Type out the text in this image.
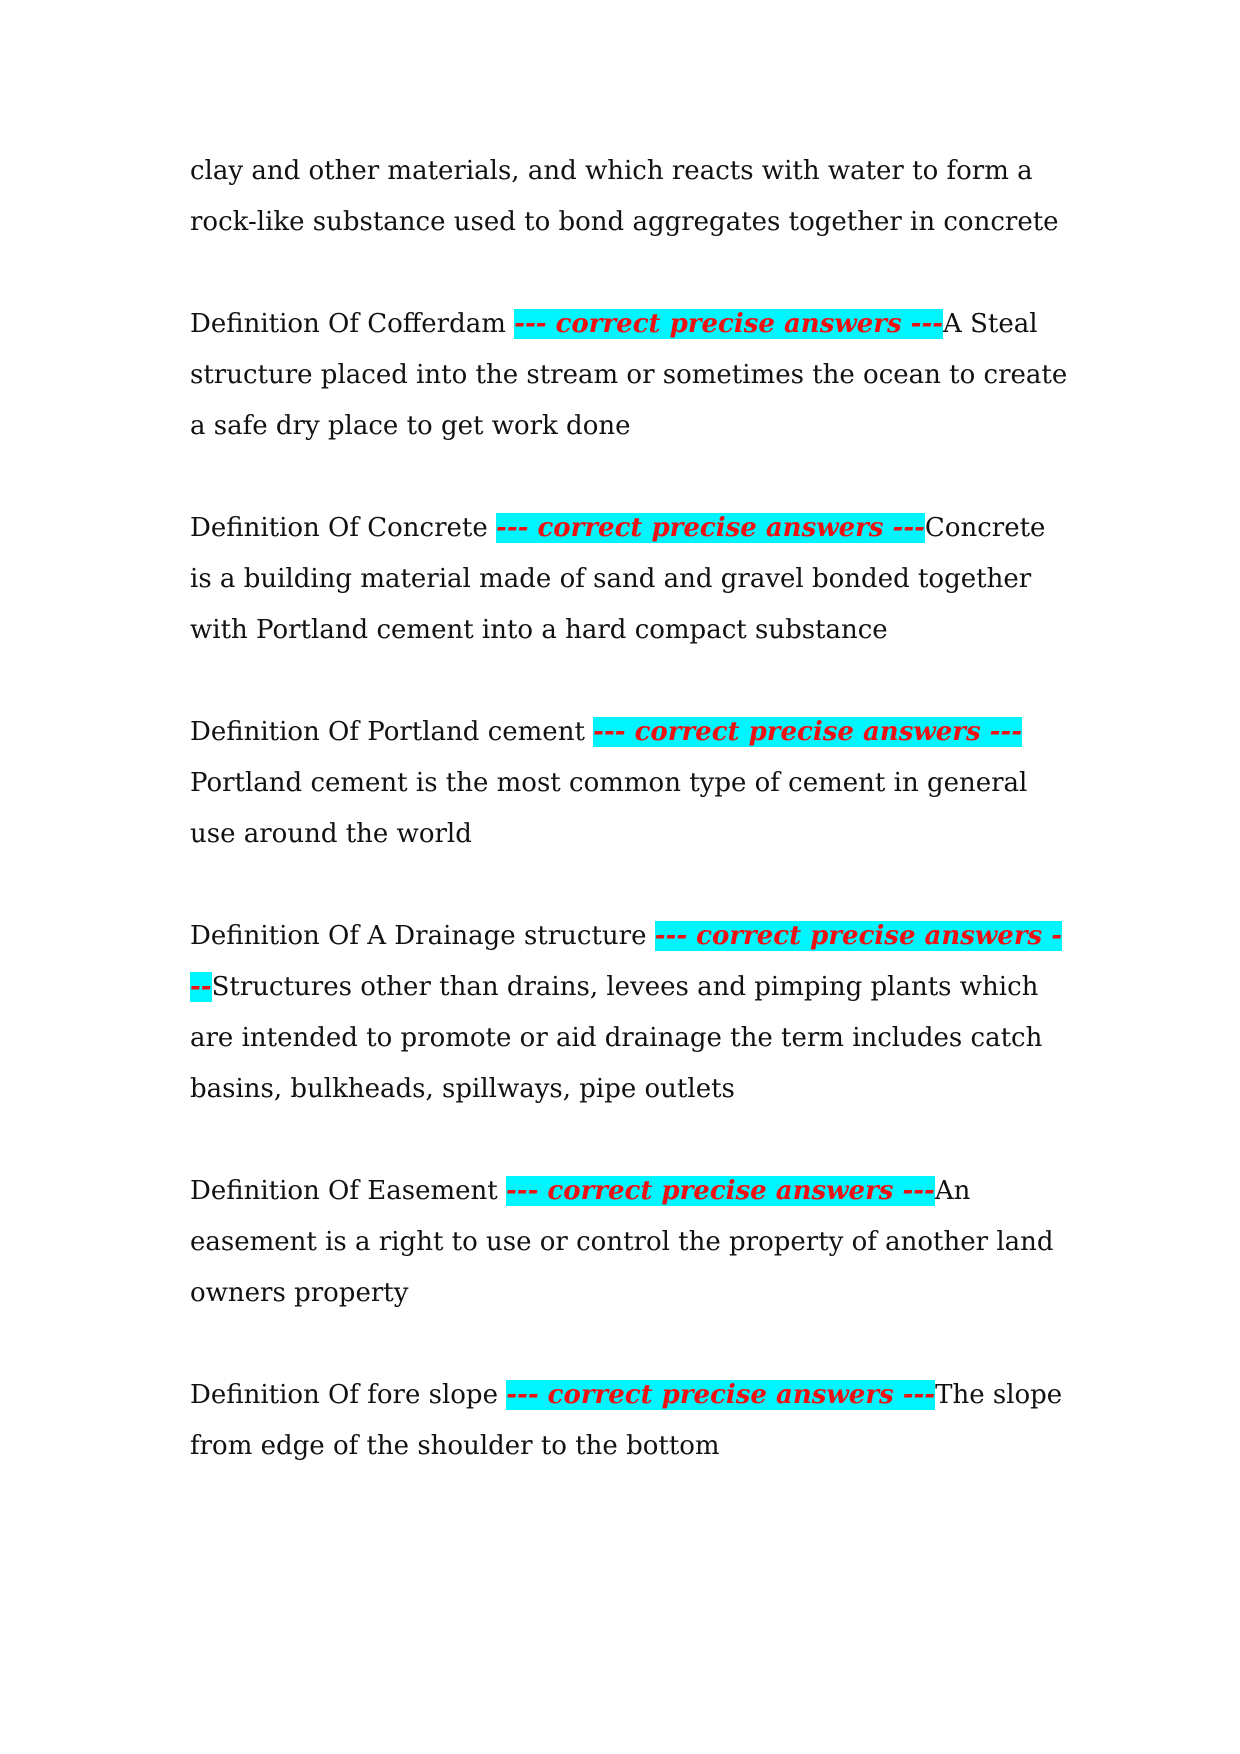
clay and other materials, and which reacts with water to form a rock-like substance used to bond aggregates together in concrete

Definition Of Cofferdam --- correct precise answers ---A Steal structure placed into the stream or sometimes the ocean to create a safe dry place to get work done

Definition Of Concrete --- correct precise answers ---Concrete is a building material made of sand and gravel bonded together with Portland cement into a hard compact substance

Definition Of Portland cement --- correct precise answers ---Portland cement is the most common type of cement in general use around the world

Definition Of A Drainage structure --- correct precise answers ---Structures other than drains, levees and pimping plants which are intended to promote or aid drainage the term includes catch basins, bulkheads, spillways, pipe outlets

Definition Of Easement --- correct precise answers ---An easement is a right to use or control the property of another land owners property

Definition Of fore slope --- correct precise answers ---The slope from edge of the shoulder to the bottom
